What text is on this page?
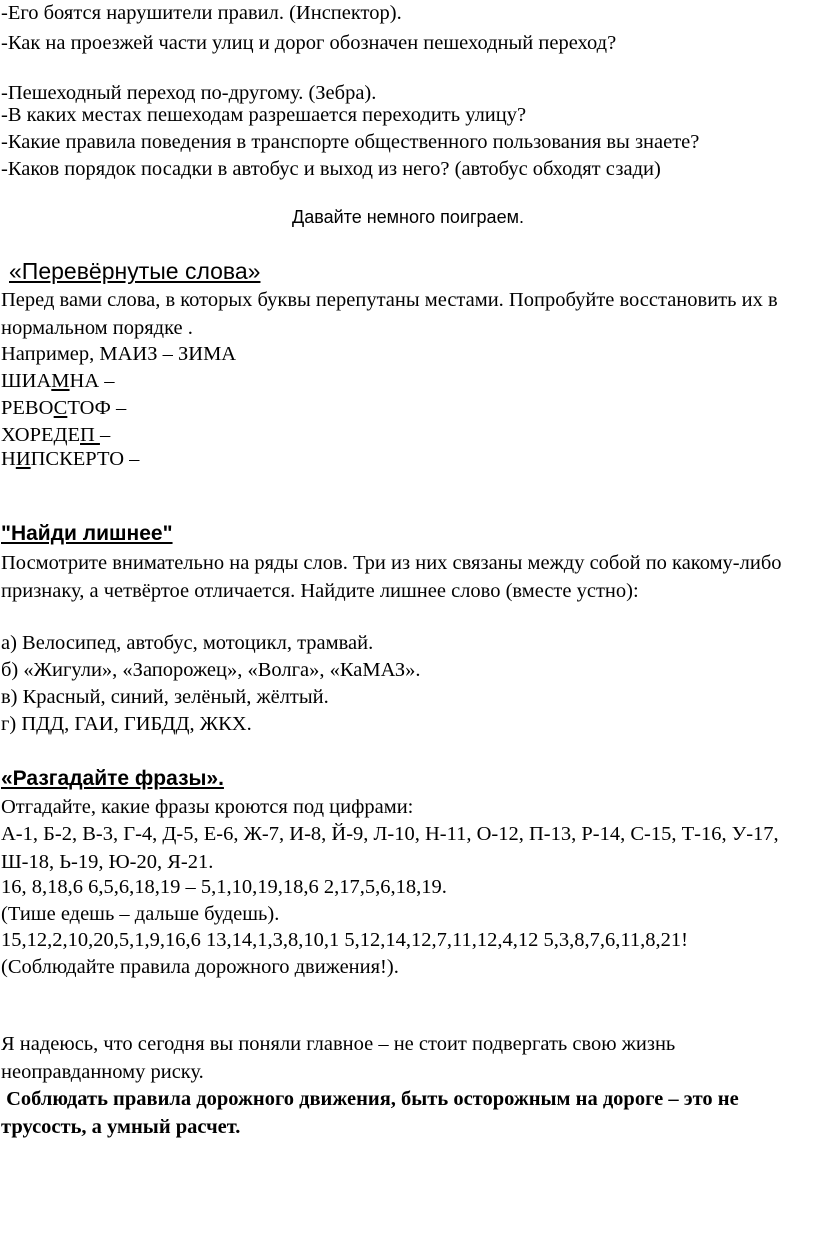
-Его боятся нарушители правил. (Инспектор).
-Как на проезжей части улиц и дорог обозначен пешеходный переход?
-Пешеходный переход по-другому. (Зебра).
-В каких местах пешеходам разрешается переходить улицу?
-Какие правила поведения в транспорте общественного пользования вы знаете?
-Каков порядок посадки в автобус и выход из него? (автобус обходят сзади)
Давайте немного поиграем.
«Перевёрнутые слова»
Перед вами слова, в которых буквы перепутаны местами. Попробуйте восстановить их в нормальном порядке .
Например, МАИЗ – ЗИМА
ШИАМНА –
РЕВОСТОФ –
ХОРЕДЕП –
НИПСКЕРТО –
"Найди лишнее"
Посмотрите внимательно на ряды слов. Три из них связаны между собой по какому-либо признаку, а четвёртое отличается. Найдите лишнее слово (вместе устно):
а) Велосипед, автобус, мотоцикл, трамвай.
б) «Жигули», «Запорожец», «Волга», «КаМАЗ».
в) Красный, синий, зелёный, жёлтый.
г) ПДД, ГАИ, ГИБДД, ЖКХ.
«Разгадайте фразы».
Отгадайте, какие фразы кроются под цифрами:
А-1, Б-2, В-3, Г-4, Д-5, Е-6, Ж-7, И-8, Й-9, Л-10, Н-11, О-12, П-13, Р-14, С-15, Т-16, У-17, Ш-18, Ь-19, Ю-20, Я-21.
16, 8,18,6 6,5,6,18,19 – 5,1,10,19,18,6 2,17,5,6,18,19.
(Тише едешь – дальше будешь).
15,12,2,10,20,5,1,9,16,6 13,14,1,3,8,10,1 5,12,14,12,7,11,12,4,12 5,3,8,7,6,11,8,21!
(Соблюдайте правила дорожного движения!).
Я надеюсь, что сегодня вы поняли главное – не стоит подвергать свою жизнь неоправданному риску.
Соблюдать правила дорожного движения, быть осторожным на дороге – это не трусость, а умный расчет.
